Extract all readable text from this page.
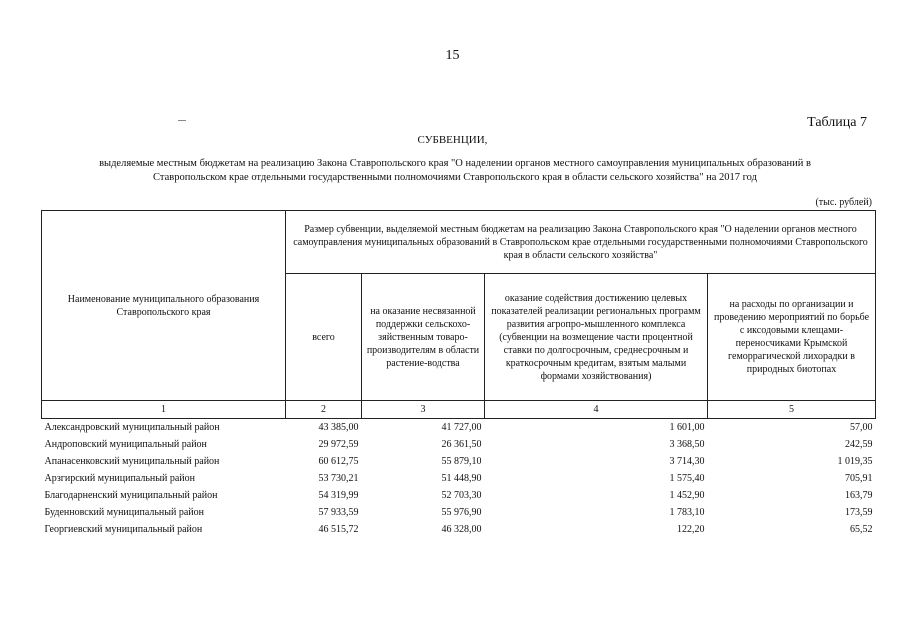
15
Таблица 7
СУБВЕНЦИИ,
выделяемые местным бюджетам на реализацию Закона Ставропольского края "О наделении органов местного самоуправления муниципальных образований в
Ставропольском крае отдельными государственными полномочиями Ставропольского края в области сельского хозяйства" на 2017 год
(тыс. рублей)
Наименование муниципального образования Ставропольского края	Размер субвенции, выделяемой местным бюджетам на реализацию Закона Ставропольского края "О наделении органов местного самоуправления муниципальных образований в Ставропольском крае отдельными государственными полномочиями Ставропольского края в области сельского хозяйства"			
	всего	на оказание несвязанной поддержки сельскохо-зяйственным товаро-производителям в области растение-водства	оказание содействия достижению целевых показателей реализации региональных программ развития агропро-мышленного комплекса (субвенции на возмещение части процентной ставки по долгосрочным, среднесрочным и краткосрочным кредитам, взятым малыми формами хозяйствования)	на расходы по организации и проведению мероприятий по борьбе с иксодовыми клещами-переносчиками Крымской геморрагической лихорадки в природных биотопах
1	2	3	4	5
Александровский муниципальный район	43 385,00	41 727,00	1 601,00	57,00
Андроповский муниципальный район	29 972,59	26 361,50	3 368,50	242,59
Апанасенковский муниципальный район	60 612,75	55 879,10	3 714,30	1 019,35
Арзгирский муниципальный район	53 730,21	51 448,90	1 575,40	705,91
Благодарненский муниципальный район	54 319,99	52 703,30	1 452,90	163,79
Буденновский муниципальный район	57 933,59	55 976,90	1 783,10	173,59
Георгиевский муниципальный район	46 515,72	46 328,00	122,20	65,52
